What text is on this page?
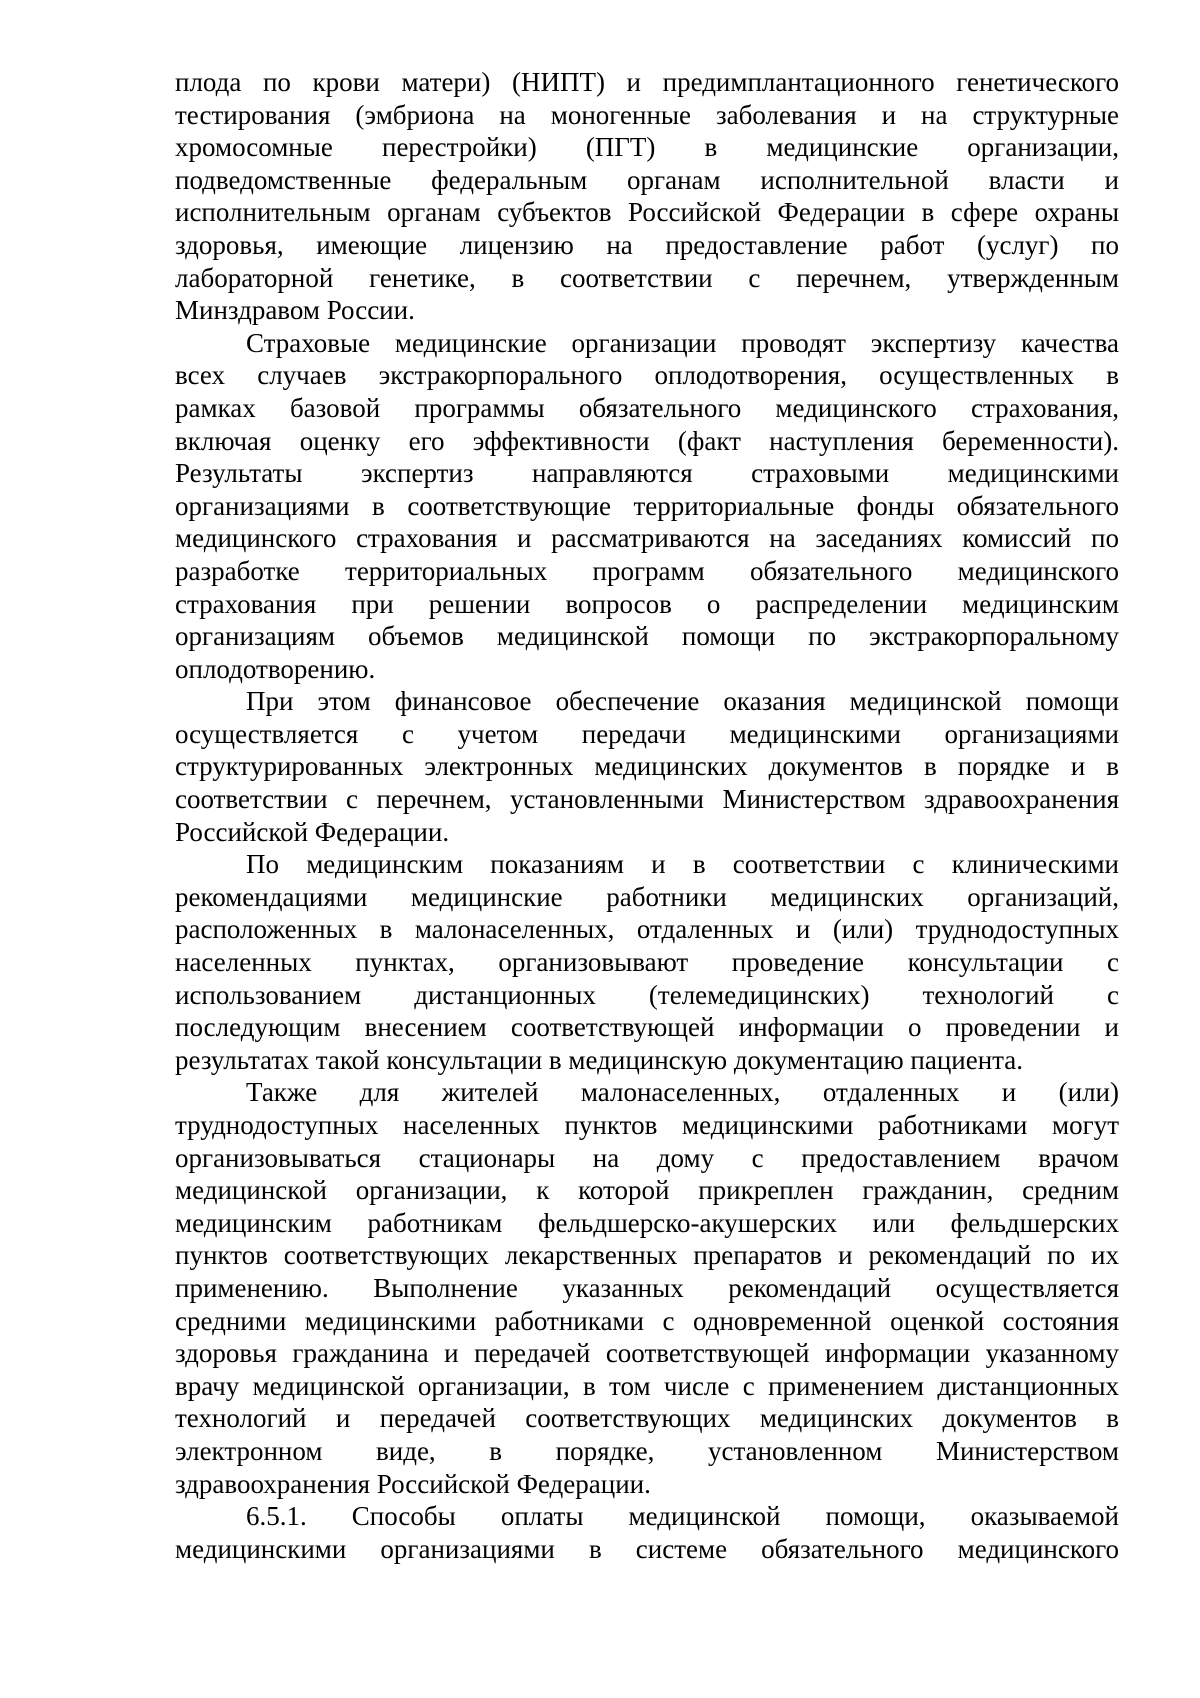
плода по крови матери) (НИПТ) и предимплантационного генетического
тестирования (эмбриона на моногенные заболевания и на структурные
хромосомные перестройки) (ПГТ) в медицинские организации,
подведомственные федеральным органам исполнительной власти и
исполнительным органам субъектов Российской Федерации в сфере охраны
здоровья, имеющие лицензию на предоставление работ (услуг) по
лабораторной генетике, в соответствии с перечнем, утвержденным
Минздравом России.
Страховые медицинские организации проводят экспертизу качества
всех случаев экстракорпорального оплодотворения, осуществленных в
рамках базовой программы обязательного медицинского страхования,
включая оценку его эффективности (факт наступления беременности).
Результаты экспертиз направляются страховыми медицинскими
организациями в соответствующие территориальные фонды обязательного
медицинского страхования и рассматриваются на заседаниях комиссий по
разработке территориальных программ обязательного медицинского
страхования при решении вопросов о распределении медицинским
организациям объемов медицинской помощи по экстракорпоральному
оплодотворению.
При этом финансовое обеспечение оказания медицинской помощи
осуществляется с учетом передачи медицинскими организациями
структурированных электронных медицинских документов в порядке и в
соответствии с перечнем, установленными Министерством здравоохранения
Российской Федерации.
По медицинским показаниям и в соответствии с клиническими
рекомендациями медицинские работники медицинских организаций,
расположенных в малонаселенных, отдаленных и (или) труднодоступных
населенных пунктах, организовывают проведение консультации с
использованием дистанционных (телемедицинских) технологий с
последующим внесением соответствующей информации о проведении и
результатах такой консультации в медицинскую документацию пациента.
Также для жителей малонаселенных, отдаленных и (или)
труднодоступных населенных пунктов медицинскими работниками могут
организовываться стационары на дому с предоставлением врачом
медицинской организации, к которой прикреплен гражданин, средним
медицинским работникам фельдшерско-акушерских или фельдшерских
пунктов соответствующих лекарственных препаратов и рекомендаций по их
применению. Выполнение указанных рекомендаций осуществляется
средними медицинскими работниками с одновременной оценкой состояния
здоровья гражданина и передачей соответствующей информации указанному
врачу медицинской организации, в том числе с применением дистанционных
технологий и передачей соответствующих медицинских документов в
электронном виде, в порядке, установленном Министерством
здравоохранения Российской Федерации.
6.5.1. Способы оплаты медицинской помощи, оказываемой
медицинскими организациями в системе обязательного медицинского
